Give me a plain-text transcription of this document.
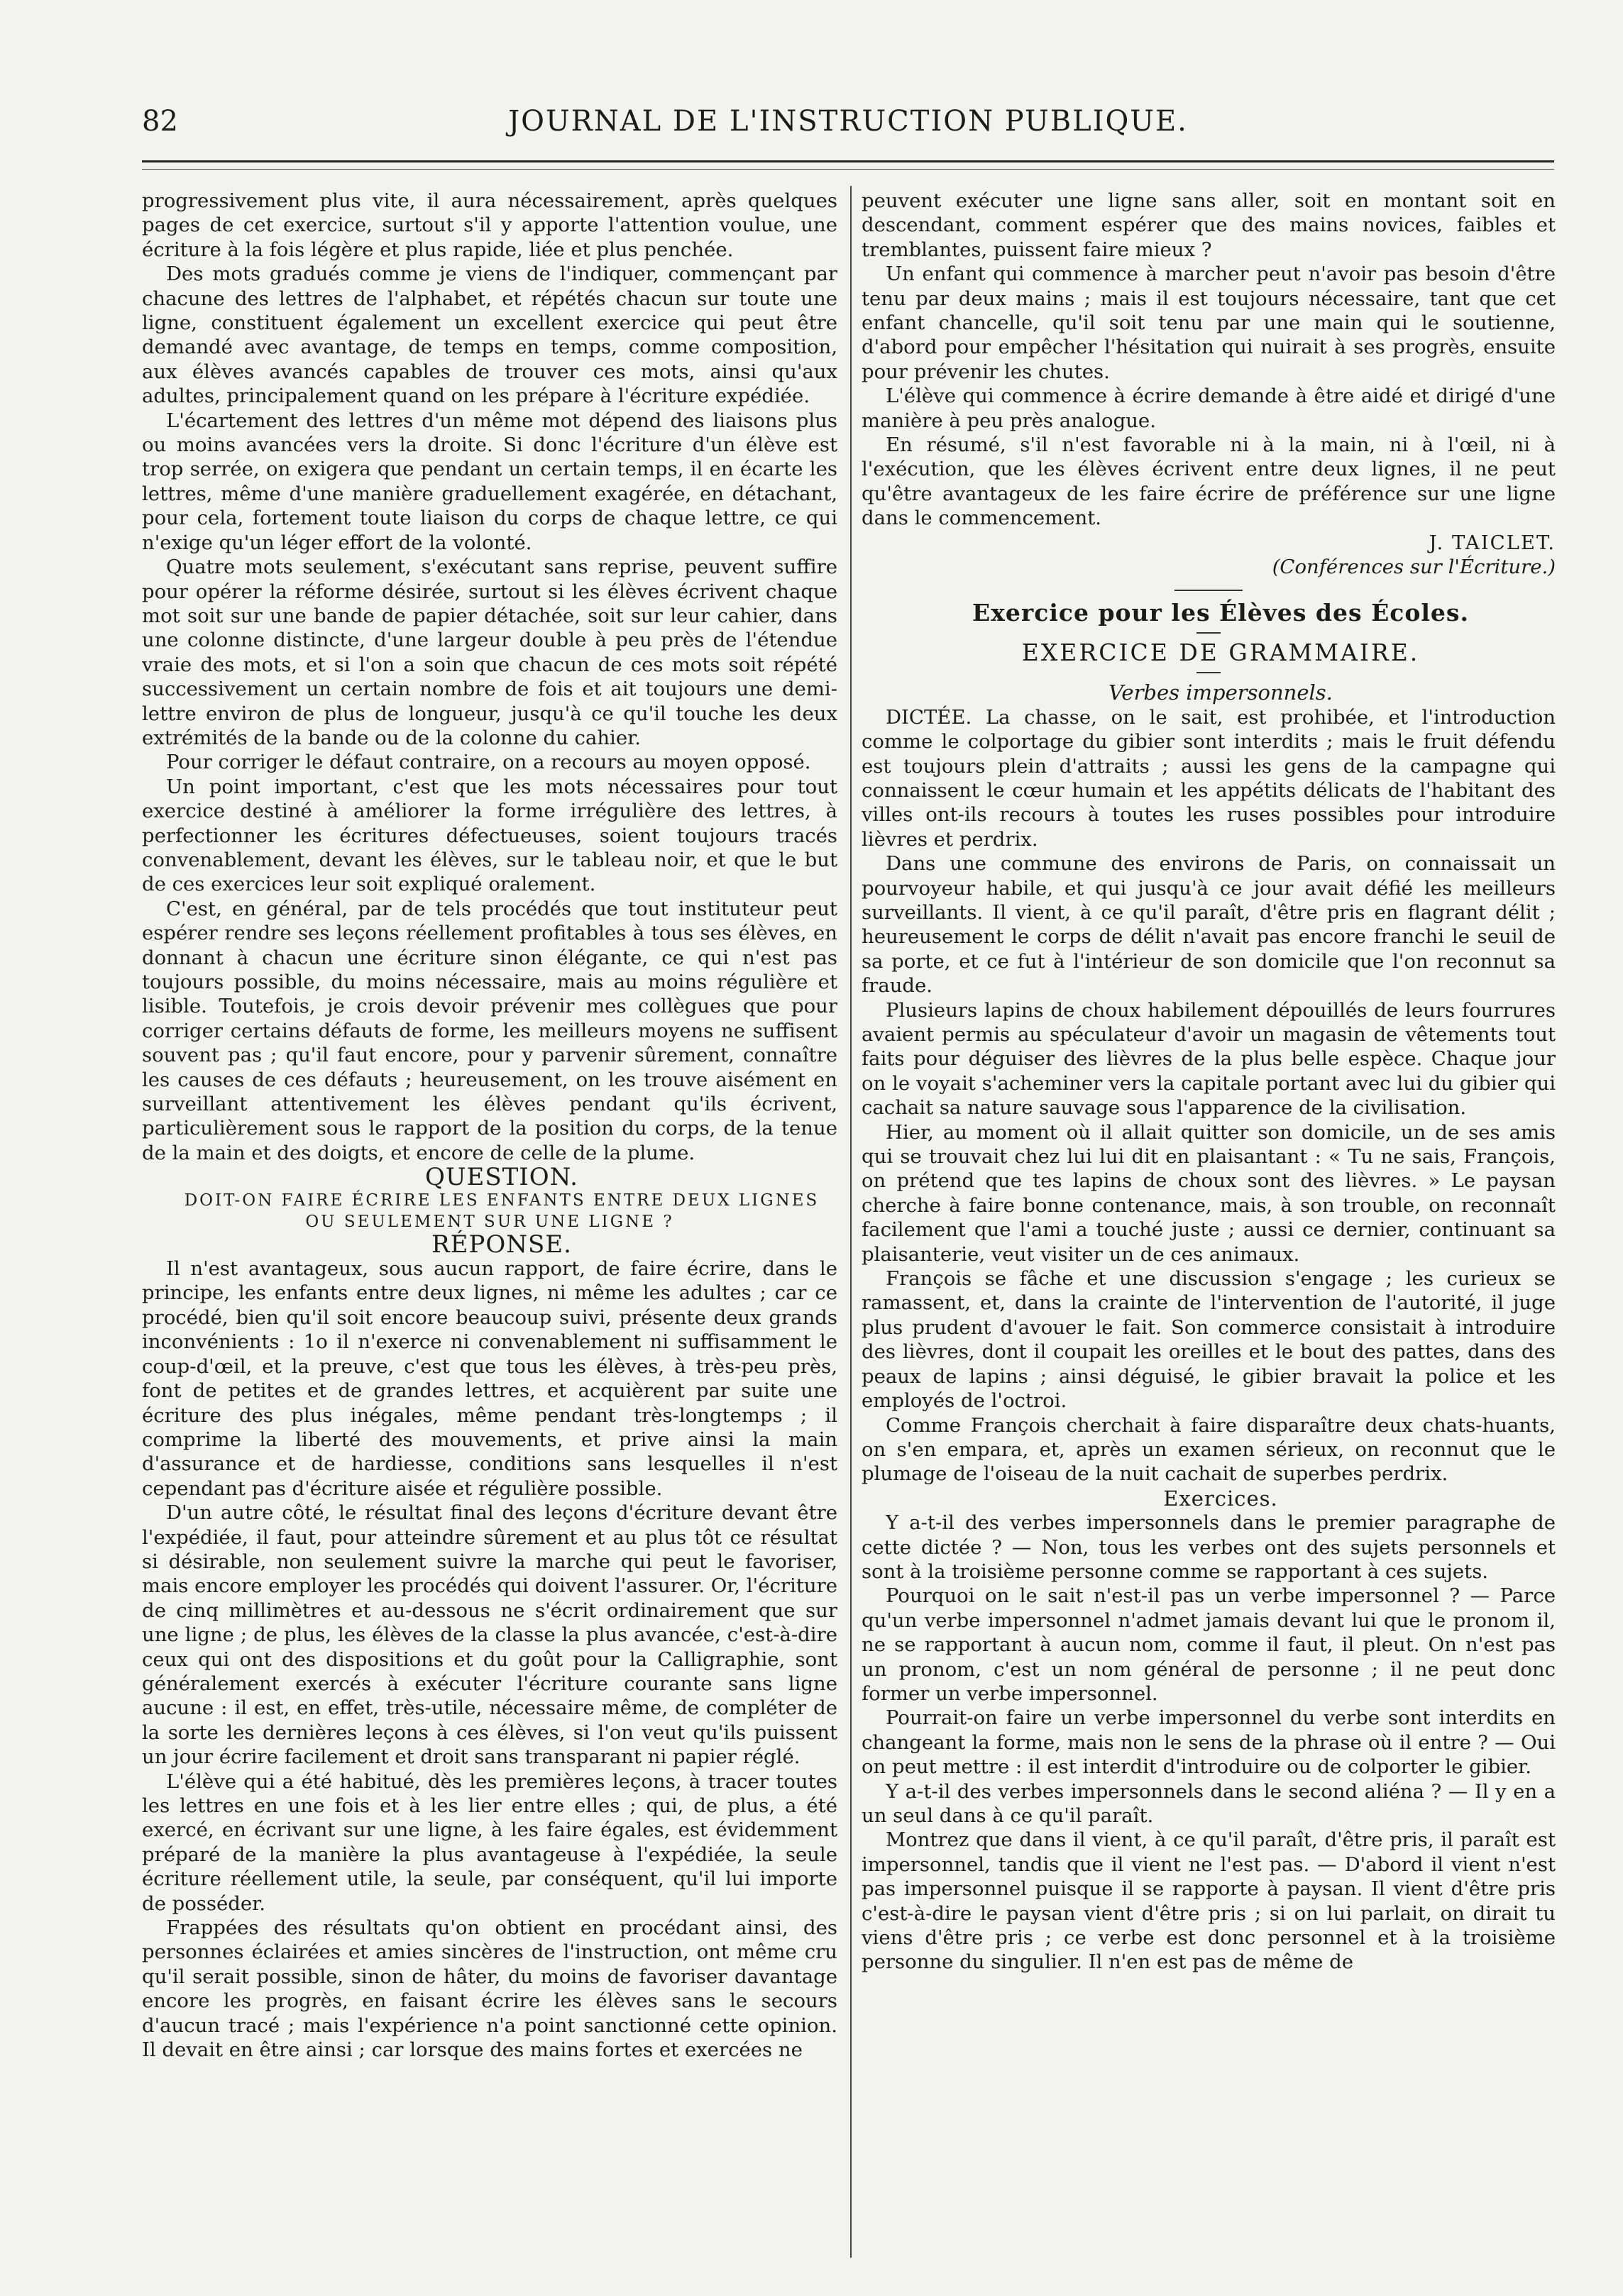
82	JOURNAL DE L'INSTRUCTION PUBLIQUE.

progressivement plus vite, il aura nécessairement, après quelques pages de cet exercice, surtout s'il y apporte l'attention voulue, une écriture à la fois légère et plus rapide, liée et plus penchée.

Des mots gradués comme je viens de l'indiquer, commençant par chacune des lettres de l'alphabet, et répétés chacun sur toute une ligne, constituent également un excellent exercice qui peut être demandé avec avantage, de temps en temps, comme composition, aux élèves avancés capables de trouver ces mots, ainsi qu'aux adultes, principalement quand on les prépare à l'écriture expédiée.

L'écartement des lettres d'un même mot dépend des liaisons plus ou moins avancées vers la droite. Si donc l'écriture d'un élève est trop serrée, on exigera que pendant un certain temps, il en écarte les lettres, même d'une manière graduellement exagérée, en détachant, pour cela, fortement toute liaison du corps de chaque lettre, ce qui n'exige qu'un léger effort de la volonté.

Quatre mots seulement, s'exécutant sans reprise, peuvent suffire pour opérer la réforme désirée, surtout si les élèves écrivent chaque mot soit sur une bande de papier détachée, soit sur leur cahier, dans une colonne distincte, d'une largeur double à peu près de l'étendue vraie des mots, et si l'on a soin que chacun de ces mots soit répété successivement un certain nombre de fois et ait toujours une demi-lettre environ de plus de longueur, jusqu'à ce qu'il touche les deux extrémités de la bande ou de la colonne du cahier.

Pour corriger le défaut contraire, on a recours au moyen opposé.

Un point important, c'est que les mots nécessaires pour tout exercice destiné à améliorer la forme irrégulière des lettres, à perfectionner les écritures défectueuses, soient toujours tracés convenablement, devant les élèves, sur le tableau noir, et que le but de ces exercices leur soit expliqué oralement.

C'est, en général, par de tels procédés que tout instituteur peut espérer rendre ses leçons réellement profitables à tous ses élèves, en donnant à chacun une écriture sinon élégante, ce qui n'est pas toujours possible, du moins nécessaire, mais au moins régulière et lisible. Toutefois, je crois devoir prévenir mes collègues que pour corriger certains défauts de forme, les meilleurs moyens ne suffisent souvent pas ; qu'il faut encore, pour y parvenir sûrement, connaître les causes de ces défauts ; heureusement, on les trouve aisément en surveillant attentivement les élèves pendant qu'ils écrivent, particulièrement sous le rapport de la position du corps, de la tenue de la main et des doigts, et encore de celle de la plume.

QUESTION.

DOIT-ON FAIRE ÉCRIRE LES ENFANTS ENTRE DEUX LIGNES OU SEULEMENT SUR UNE LIGNE ?

RÉPONSE.

Il n'est avantageux, sous aucun rapport, de faire écrire, dans le principe, les enfants entre deux lignes, ni même les adultes ; car ce procédé, bien qu'il soit encore beaucoup suivi, présente deux grands inconvénients : 1o il n'exerce ni convenablement ni suffisamment le coup-d'œil, et la preuve, c'est que tous les élèves, à très-peu près, font de petites et de grandes lettres, et acquièrent par suite une écriture des plus inégales, même pendant très-longtemps ; il comprime la liberté des mouvements, et prive ainsi la main d'assurance et de hardiesse, conditions sans lesquelles il n'est cependant pas d'écriture aisée et régulière possible.

D'un autre côté, le résultat final des leçons d'écriture devant être l'expédiée, il faut, pour atteindre sûrement et au plus tôt ce résultat si désirable, non seulement suivre la marche qui peut le favoriser, mais encore employer les procédés qui doivent l'assurer. Or, l'écriture de cinq millimètres et au-dessous ne s'écrit ordinairement que sur une ligne ; de plus, les élèves de la classe la plus avancée, c'est-à-dire ceux qui ont des dispositions et du goût pour la Calligraphie, sont généralement exercés à exécuter l'écriture courante sans ligne aucune : il est, en effet, très-utile, nécessaire même, de compléter de la sorte les dernières leçons à ces élèves, si l'on veut qu'ils puissent un jour écrire facilement et droit sans transparant ni papier réglé.

L'élève qui a été habitué, dès les premières leçons, à tracer toutes les lettres en une fois et à les lier entre elles ; qui, de plus, a été exercé, en écrivant sur une ligne, à les faire égales, est évidemment préparé de la manière la plus avantageuse à l'expédiée, la seule écriture réellement utile, la seule, par conséquent, qu'il lui importe de posséder.

Frappées des résultats qu'on obtient en procédant ainsi, des personnes éclairées et amies sincères de l'instruction, ont même cru qu'il serait possible, sinon de hâter, du moins de favoriser davantage encore les progrès, en faisant écrire les élèves sans le secours d'aucun tracé ; mais l'expérience n'a point sanctionné cette opinion. Il devait en être ainsi ; car lorsque des mains fortes et exercées ne

peuvent exécuter une ligne sans aller, soit en montant soit en descendant, comment espérer que des mains novices, faibles et tremblantes, puissent faire mieux ?

Un enfant qui commence à marcher peut n'avoir pas besoin d'être tenu par deux mains ; mais il est toujours nécessaire, tant que cet enfant chancelle, qu'il soit tenu par une main qui le soutienne, d'abord pour empêcher l'hésitation qui nuirait à ses progrès, ensuite pour prévenir les chutes.

L'élève qui commence à écrire demande à être aidé et dirigé d'une manière à peu près analogue.

En résumé, s'il n'est favorable ni à la main, ni à l'œil, ni à l'exécution, que les élèves écrivent entre deux lignes, il ne peut qu'être avantageux de les faire écrire de préférence sur une ligne dans le commencement.

J. TAICLET.

(Conférences sur l'Écriture.)

Exercice pour les Élèves des Écoles.

EXERCICE DE GRAMMAIRE.

Verbes impersonnels.

DICTÉE. La chasse, on le sait, est prohibée, et l'introduction comme le colportage du gibier sont interdits ; mais le fruit défendu est toujours plein d'attraits ; aussi les gens de la campagne qui connaissent le cœur humain et les appétits délicats de l'habitant des villes ont-ils recours à toutes les ruses possibles pour introduire lièvres et perdrix.

Dans une commune des environs de Paris, on connaissait un pourvoyeur habile, et qui jusqu'à ce jour avait défié les meilleurs surveillants. Il vient, à ce qu'il paraît, d'être pris en flagrant délit ; heureusement le corps de délit n'avait pas encore franchi le seuil de sa porte, et ce fut à l'intérieur de son domicile que l'on reconnut sa fraude.

Plusieurs lapins de choux habilement dépouillés de leurs fourrures avaient permis au spéculateur d'avoir un magasin de vêtements tout faits pour déguiser des lièvres de la plus belle espèce. Chaque jour on le voyait s'acheminer vers la capitale portant avec lui du gibier qui cachait sa nature sauvage sous l'apparence de la civilisation.

Hier, au moment où il allait quitter son domicile, un de ses amis qui se trouvait chez lui lui dit en plaisantant : « Tu ne sais, François, on prétend que tes lapins de choux sont des lièvres. » Le paysan cherche à faire bonne contenance, mais, à son trouble, on reconnaît facilement que l'ami a touché juste ; aussi ce dernier, continuant sa plaisanterie, veut visiter un de ces animaux.

François se fâche et une discussion s'engage ; les curieux se ramassent, et, dans la crainte de l'intervention de l'autorité, il juge plus prudent d'avouer le fait. Son commerce consistait à introduire des lièvres, dont il coupait les oreilles et le bout des pattes, dans des peaux de lapins ; ainsi déguisé, le gibier bravait la police et les employés de l'octroi.

Comme François cherchait à faire disparaître deux chats-huants, on s'en empara, et, après un examen sérieux, on reconnut que le plumage de l'oiseau de la nuit cachait de superbes perdrix.

Exercices.

Y a-t-il des verbes impersonnels dans le premier paragraphe de cette dictée ? — Non, tous les verbes ont des sujets personnels et sont à la troisième personne comme se rapportant à ces sujets.

Pourquoi on le sait n'est-il pas un verbe impersonnel ? — Parce qu'un verbe impersonnel n'admet jamais devant lui que le pronom il, ne se rapportant à aucun nom, comme il faut, il pleut. On n'est pas un pronom, c'est un nom général de personne ; il ne peut donc former un verbe impersonnel.

Pourrait-on faire un verbe impersonnel du verbe sont interdits en changeant la forme, mais non le sens de la phrase où il entre ? — Oui on peut mettre : il est interdit d'introduire ou de colporter le gibier.

Y a-t-il des verbes impersonnels dans le second aliéna ? — Il y en a un seul dans à ce qu'il paraît.

Montrez que dans il vient, à ce qu'il paraît, d'être pris, il paraît est impersonnel, tandis que il vient ne l'est pas. — D'abord il vient n'est pas impersonnel puisque il se rapporte à paysan. Il vient d'être pris c'est-à-dire le paysan vient d'être pris ; si on lui parlait, on dirait tu viens d'être pris ; ce verbe est donc personnel et à la troisième personne du singulier. Il n'en est pas de même de
